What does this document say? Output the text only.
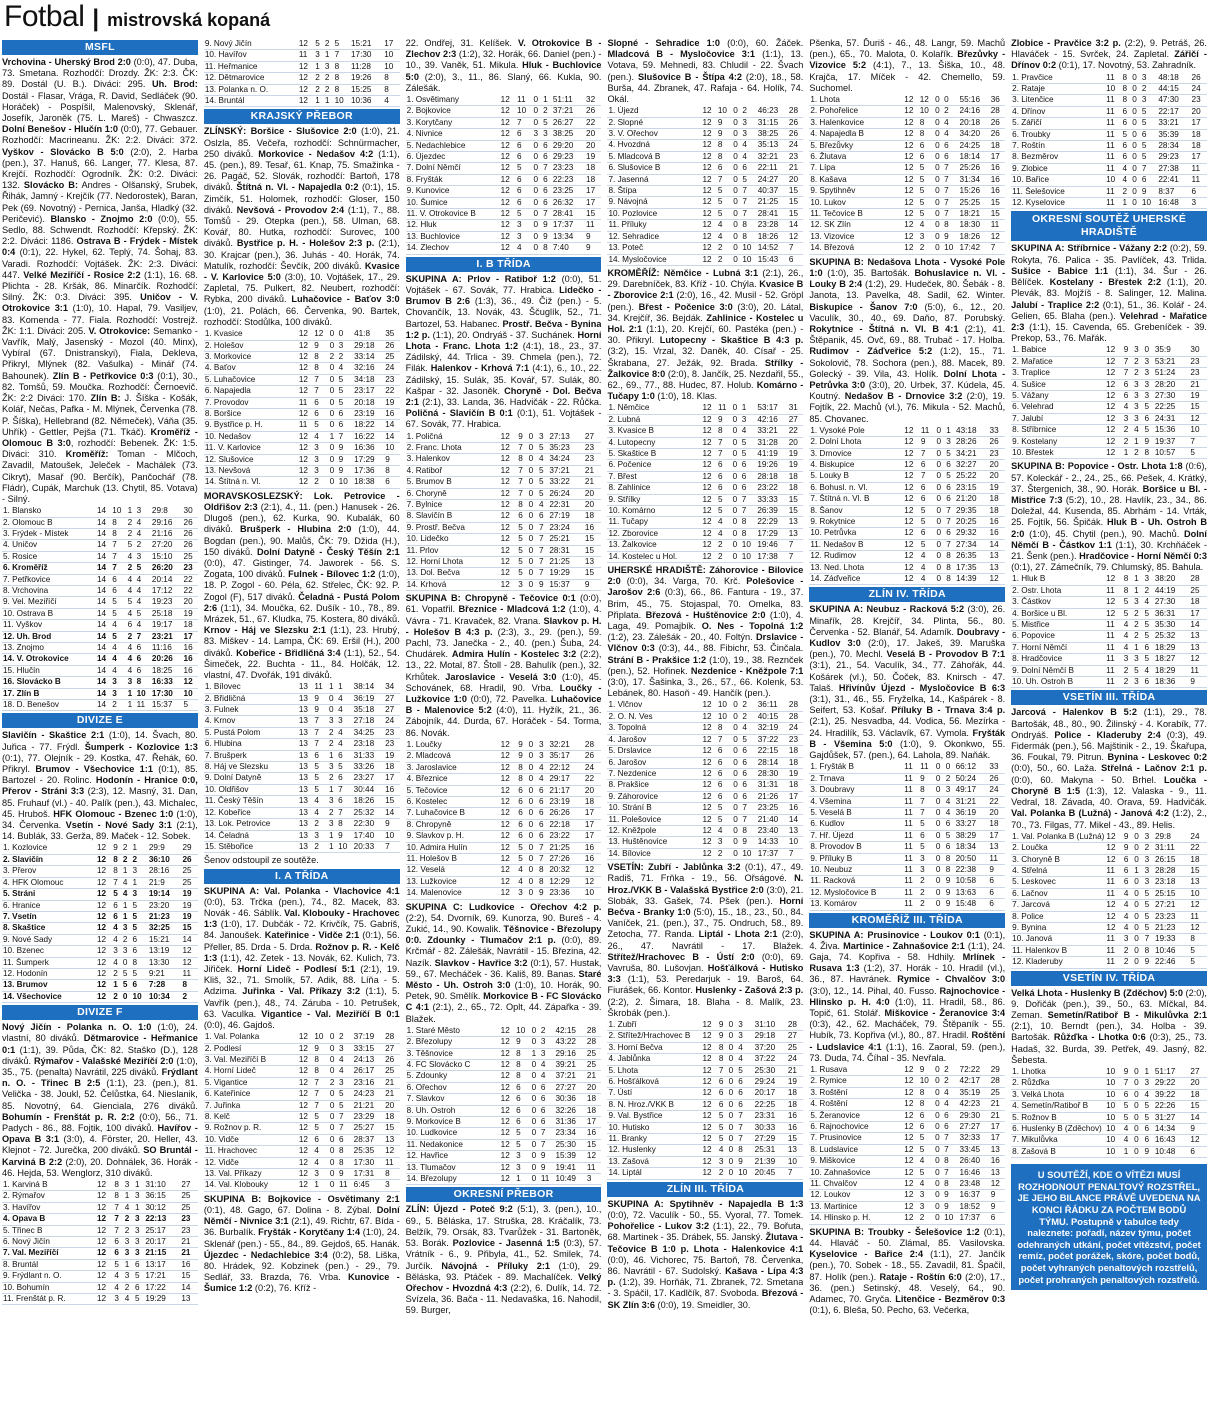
Fotbal | mistrovská kopaná
MSFL
Vrchovina - Uherský Brod 2:0 (0:0), 47. Duba, 73. Smetana. Rozhodčí: Drozdy. ŽK: 2:3. ČK: 89. Dostál (U. B.). Diváci: 295. Uh. Brod: Dostál - Flasar, Vrága, R. David, Sedláček (90. Horáček) - Pospíšil, Malenovský, Sklenář, Josefík, Jaroněk (75. L. Mareš) - Chwaszcz. Dolní Benešov - Hlučín 1:0 (0:0), 77. Gebauer. Rozhodčí: Macrineanu. ŽK: 2:2. Diváci: 372. Vyškov - Slovácko B 5:0 (2:0), 2. Harba (pen.), 37. Hanuš, 66. Langer, 77. Klesa, 87. Krejčí. Rozhodčí: Ogrodník. ŽK: 0:2. Diváci: 132. Slovácko B: Andres - Olšanský, Srubek, Řihák, Jamný - Krejčík (77. Nedorostek), Baran, Pek (69. Novotný) - Pernica, Janša, Hladký (32. Peričević). Blansko - Znojmo 2:0 (0:0), 55. Sedlo, 88. Schwendt. Rozhodčí: Křepský. ŽK: 2:2. Diváci: 1186. Ostrava B - Frýdek - Místek 0:4 (0:1), 22. Hykel, 62. Teplý, 74. Šohaj, 83. Varadi. Rozhodčí: Vojtášek. ŽK: 2:3. Diváci: 447. Velké Meziříčí - Rosice 2:2 (1:1), 16. 68. Plichta - 28. Kršák, 86. Minarčík. Rozhodčí: Silný. ŽK: 0:3. Diváci: 395. Uničov - V. Otrokovice 3:1 (1:0), 10. Hapal, 79. Vasiljev, 83. Komenda - 77. Fiala. Rozhodčí: Vostrejž. ŽK: 1:1. Diváci: 205. V. Otrokovice: Semanko - Vavřík, Malý, Jasenský - Mozol (40. Minx), Vybíral (67. Dnistranskyi), Fiala, Dekleva, Přikryl, Mlýnek (82. Vašulka) - Minář (74. Bahounek). Zlín B - Petřkovice 0:3 (0:1), 30., 82. Tomšů, 59. Moučka. Rozhodčí: Černoevič. ŽK: 2:2 Diváci: 170. Zlín B: J. Šíška - Košák, Kolář, Nečas, Pafka - M. Mlýnek, Červenka (78. P. Šíška), Hellebrand (82. Němeček), Váňa (35. Uhřík) - Gettler, Pejša (71. Tkáč). Kroměříž - Olomouc B 3:0, rozhodčí: Bebenek. ŽK: 1:5. Diváci: 310. Kroměříž: Toman - Mlčoch, Zavadil, Matoušek, Jeleček - Machálek (73. Cikryt), Masař (90. Berčík), Pančochář (78. Fládr), Cupák, Marchuk (13. Chytil, 85. Votava) - Silný.
1. Blansko	14	10	1	3	29:8	30
2. Olomouc B	14	8	2	4	29:16	26
3. Frýdek - Místek	14	8	2	4	21:16	26
4. Uničov	14	7	5	2	27:20	26
5. Rosice	14	7	4	3	15:10	25
6. Kroměříž	14	7	2	5	26:20	23
7. Petřkovice	14	6	4	4	20:14	22
8. Vrchovina	14	6	4	4	17:12	22
9. Vel. Meziříčí	14	5	5	4	19:23	20
10. Ostrava B	14	5	4	5	25:18	19
11. Vyškov	14	4	6	4	19:17	18
12. Uh. Brod	14	5	2	7	23:21	17
13. Znojmo	14	4	4	6	11:16	16
14. V. Otrokovice	14	4	4	6	20:26	16
15. Hlučín	14	4	4	6	18:25	16
16. Slovácko B	14	3	3	8	16:33	12
17. Zlín B	14	3	1	10	17:30	10
18. D. Benešov	14	2	1	11	15:37	5
DIVIZE E
Slavičín - Skaštice 2:1 (1:0), 14. Švach, 80. Juřica - 77. Frýdl. Šumperk - Kozlovice 1:3 (0:1), 77. Olejník - 29. Kostka, 47. Řehák, 60. Přikryl. Brumov - Všechovice 1:1 (0:1), 85. Bartozel - 20. Rolinc. Hodonín - Hranice 0:0, Přerov - Stráni 3:3 (2:3), 12. Masný, 31. Dan, 85. Fruhauf (vl.) - 40. Palík (pen.), 43. Michalec, 45. Hruboš. HFK Olomouc - Bzenec 1:0 (1:0), 34. Červenka. Vsetín - Nové Sady 3:1 (2:1), 14. Bublák, 33. Gerža, 89. Maček - 12. Sobek.
1. Kozlovice	12	9	2	1	29:9	29
2. Slavičín	12	8	2	2	36:10	26
3. Přerov	12	8	1	3	28:16	25
4. HFK Olomouc	12	7	4	1	21:9	25
5. Stráni	12	5	4	3	19:14	19
6. Hranice	12	6	1	5	23:20	19
7. Vsetín	12	6	1	5	21:23	19
8. Skaštice	12	4	3	5	32:25	15
9. Nové Sady	12	4	2	6	15:21	14
10. Bzenec	12	3	3	6	13:19	12
11. Šumperk	12	4	0	8	13:30	12
12. Hodonín	12	2	5	5	9:21	11
13. Brumov	12	1	5	6	7:28	8
14. Všechovice	12	2	0	10	10:34	2
DIVIZE F
Nový Jičín - Polanka n. O. 1:0 (1:0), 24. vlastní, 80 diváků. Dětmarovice - Heřmanice 0:1 (1:1), 39. Půda, ČK: 82. Staško (D.), 128 diváků. Rýmařov - Valašské Meziříčí 2:0 (1:0), 35., 75. (penalta) Navrátil, 225 diváků. Frýdlant n. O. - Třinec B 2:5 (1:1), 23. (pen.), 81. Velička - 38. Joukl, 52. Čelůstka, 64. Nieslanik, 85. Novotný, 64. Gienciala, 276 diváků. Bohumín - Frenštát p. R. 2:2 (0:0), 56., 71. Padych - 86., 88. Fojtik, 100 diváků. Havířov - Opava B 3:1 (3:0), 4. Förster, 20. Heller, 43. Klejnot - 72. Jurečka, 200 diváků. SO Bruntál - Karviná B 2:2 (2:0), 20. Dohnálek, 36. Horák - 46. Hejda, 53. Wenglorz, 310 diváků.
1. Karviná B	12	8	3	1	31:10	27
2. Rýmařov	12	8	1	3	36:15	25
3. Havířov	12	7	4	1	30:12	25
4. Opava B	12	7	2	3	22:13	23
5. Třinec B	12	7	2	3	25:17	23
6. Nový Jičín	12	6	3	3	20:17	21
7. Val. Meziříčí	12	6	3	3	21:15	21
8. Bruntál	12	5	1	6	13:17	16
9. Frýdlant n. O.	12	4	3	5	17:21	15
10. Bohumín	12	4	2	6	17:22	14
11. Frenštát p. R.	12	3	4	5	19:29	13
9. Nový Jičín	12	5	2	5	15:21	17
10. Havířov	11	3	1	7	17:30	10
11. Heřmanice	12	1	3	8	11:28	10
12. Dětmarovice	12	2	2	8	19:26	8
13. Polanka n. O.	12	2	2	8	15:25	8
14. Bruntál	12	1	1	10	10:36	4
KRAJSKÝ PŘEBOR
ZLÍNSKÝ: Boršice - Slušovice 2:0 (1:0), 21. Oslzla, 85. Večeřa, rozhodčí: Schnürmacher, 250 diváků. Morkovice - Nedašov 4:2 (1:1), 45. (pen.), 89. Tesař, 61. Knap, 75. Smažinka - 26. Pagáč, 52. Slovák, rozhodčí: Bartoň, 178 diváků. Štítná n. Vl. - Napajedla 0:2 (0:1), 15. Zimčík, 51. Holomek, rozhodčí: Gloser, 150 diváků. Nevšová - Provodov 2:4 (1:1), 7., 88. Tomšů - 29. Otepka (pen.), 58. Ulman, 68. Kovář, 80. Hutka, rozhodčí: Surovec, 100 diváků. Bystřice p. H. - Holešov 2:3 p. (2:1), 30. Krajcar (pen.), 36. Juhás - 40. Horák, 74. Matulík, rozhodčí: Ševčík, 200 diváků. Kvasice - V. Karlovice 5:0 (3:0), 10. Vojtášek, 17., 29. Zapletal, 75. Pulkert, 82. Neubert, rozhodčí: Rybka, 200 diváků. Luhačovice - Baťov 3:0 (1:0), 21. Polách, 66. Červenka, 90. Bartek, rozhodčí: Stodůlka, 100 diváků.
1. Kvasice	12	12	0	0	41:8	35
2. Holešov	12	9	0	3	29:18	26
3. Morkovice	12	8	2	2	33:14	25
4. Baťov	12	8	0	4	32:16	24
5. Luhačovice	12	7	0	5	34:18	23
6. Napajedla	12	7	0	5	23:17	22
7. Provodov	11	6	0	5	20:18	19
8. Boršice	12	6	0	6	23:19	16
9. Bystřice p. H.	11	5	0	6	18:22	14
10. Nedašov	12	4	1	7	16:22	14
11. V. Karlovice	12	3	0	9	16:36	10
12. Slušovice	12	3	0	9	17:29	9
13. Nevšová	12	3	0	9	17:36	8
14. Štítná n. Vl.	12	2	0	10	18:38	6
MORAVSKOSLEZSKÝ: Lok. Petrovice - Oldřišov 2:3 (2:1), 4., 11. (pen.) Hanusek - 26. Dlugoš (pen.), 62. Kurka, 90. Kubalák, 60 diváků. Brušperk - Hlubina 2:0 (1:0), 44. Bogdan (pen.), 90. Malůš, ČK: 79. Džida (H.), 150 diváků. Dolní Datyně - Český Těšín 2:1 (0:0), 47. Gistinger, 74. Jaworek - 56. S. Zogata, 100 diváků. Fulnek - Bílovec 1:2 (1:0), 18. P. Zogol - 60. Péla, 62. Střelec, ČK: 92. P. Zogol (F), 517 diváků. Čeladná - Pustá Polom 2:6 (1:1), 34. Moučka, 62. Dušík - 10., 78., 89. Mrázek, 51., 67. Kludka, 75. Kostera, 80 diváků. Krnov - Háj ve Slezsku 2:1 (1:1), 23. Hrubý, 83. Miškev - 14. Lampa, ČK: 69. Eršil (H.), 200 diváků. Kobeřice - Břidličná 3:4 (1:1), 52., 54. Šimeček, 22. Buchta - 11., 84. Holčák, 12. vlastní, 47. Dvořák, 191 diváků.
1. Bílovec	13	11	1	1	38:14	34
2. Břidličná	13	9	0	4	36:19	27
3. Fulnek	13	9	0	4	35:18	27
4. Krnov	13	7	3	3	27:18	24
5. Pustá Polom	13	7	2	4	34:25	23
6. Hlubina	13	7	2	4	23:18	23
7. Brušperk	13	6	1	6	31:33	19
8. Háj ve Slezsku	13	5	3	5	33:26	18
9. Dolní Datyně	13	5	2	6	23:27	17
10. Oldřišov	13	5	1	7	30:44	16
11. Český Těšín	13	4	3	6	18:26	15
12. Kobeřice	13	4	2	7	25:32	14
13. Lok. Petrovice	13	2	3	8	22:30	9
14. Čeladná	13	3	1	9	17:40	10
15. Stěbořice	13	2	1	10	20:33	7
Šenov odstoupil ze soutěže.
I. A TŘÍDA
SKUPINA A: Val. Polanka - Vlachovice 4:1 (0:0), 53. Trčka (pen.), 74., 82. Macek, 83. Novák - 46. Sáblík. Val. Klobouky - Hrachovec 1:3 (1:0), 17. Dubčák - 72. Krivčík, 75. Gabriš, 84. Janoušek. Kateřinice - Vidče 2:1 (0:1), 56. Přeller, 85. Drda - 5. Drda. Rožnov p. R. - Kelč 1:3 (1:1), 42. Zetek - 13. Novák, 62. Kulich, 73. Jiřiček. Horní Lideč - Podlesí 5:1 (2:1), 19. Kliš, 32., 71. Smolík, 57. Adik, 88. Líňa - 5. Adzima. Juřinka - Val. Příkazy 3:2 (1:1), 5. Vavřík (pen.), 48., 74. Záruba - 10. Petrušek, 63. Vaculka. Vigantice - Val. Meziříčí B 0:1 (0:0), 46. Gajdoš.
1. Val. Polanka	12	10	0	2	37:19	28
2. Podlesí	12	9	0	3	33:15	27
3. Val. Meziříčí B	12	8	0	4	24:13	26
4. Horní Lideč	12	8	0	4	26:17	25
5. Vigantice	12	7	2	3	23:16	21
6. Kateřinice	12	7	0	5	24:23	21
7. Juřinka	12	7	0	5	21:21	20
8. Kelč	12	5	0	7	23:29	18
9. Rožnov p. R.	12	5	0	7	25:27	15
10. Vidče	12	6	0	6	28:37	13
11. Hrachovec	12	4	0	8	25:35	12
12. Vidče	12	4	0	8	17:30	11
13. Val. Příkazy	12	3	0	9	17:31	8
14. Val. Klobouky	12	1	0	11	6:45	3
SKUPINA B: Bojkovice - Osvětimany 2:1 (0:1), 48. Gago, 67. Dolina - 8. Zýbal. Dolní Němčí - Nivnice 3:1 (2:1), 49. Richtr, 67. Bída - 36. Burbalík. Fryšták - Korytčany 1:4 (1:0), 24. Sklenář (pen.) - 55., 84., 89. Gejdoš, 65. Hanák. Újezdec - Nedachlebice 3:4 (0:2), 58. Liška, 80. Hrádek, 92. Kobzinek (pen.) - 29., 79. Sedlář, 33. Brazda, 76. Vrba. Kunovice - Šumice 1:2 (0:2), 76. Kříž -
22. Ondřej, 31. Kelíšek. V. Otrokovice B - Zlechov 2:3 (1:2), 32. Horák, 66. Daniel (pen.) - 10., 39. Vaněk, 51. Mikula. Hluk - Buchlovice 5:0 (2:0), 3., 11., 86. Slaný, 66. Kukla, 90. Zálešák.
1. Osvětimany	12	11	0	1	51:11	32
2. Bojkovice	12	10	0	2	37:21	26
3. Korytčany	12	7	0	5	26:27	22
4. Nivnice	12	6	3	3	38:25	20
5. Nedachlebice	12	6	0	6	29:20	20
6. Újezdec	12	6	0	6	29:23	19
7. Dolní Němčí	12	5	0	7	23:23	18
8. Fryšták	12	6	0	6	22:23	18
9. Kunovice	12	6	0	6	23:25	17
10. Šumice	12	6	0	6	26:32	17
11. V. Otrokovice B	12	5	0	7	28:41	15
12. Hluk	12	3	0	9	17:37	11
13. Buchlovice	12	3	0	9	13:34	9
14. Zlechov	12	4	0	8	7:40	9
I. B TŘÍDA
SKUPINA A: Prlov - Ratiboř 1:2 (0:0), 51. Vojtášek - 67. Sovák, 77. Hrabica. Lidečko - Brumov B 2:6 (1:3), 36., 49. Čiž (pen.) - 5. Chovančík, 13. Novák, 43. Ščuglík, 52., 71. Bartozel, 53. Habanec. Prostř. Bečva - Bynina 1:2 p. (1:1), 20. Ondryáš - 37. Suchánek. Horní Lhota - Franc. Lhota 1:2 (4:1), 18., 23., 37. Zádilský, 44. Trlica - 39. Chmela (pen.), 72. Filák. Halenkov - Krhová 7:1 (4:1), 6., 10., 22. Zádilský, 15. Sulák, 35. Kovář, 57. Sulák, 80. Kašpar - 32. Jasoněk. Choryně - Dol. Bečva 2:1 (2:1), 33. Landa, 36. Hadvičák - 22. Růčka. Poličná - Slavičín B 0:1 (0:1), 51. Vojtášek - 67. Sovák, 77. Hrabica.
1. Poličná	12	9	0	3	27:13	27
2. Franc. Lhota	12	7	0	5	35:23	23
3. Halenkov	12	8	0	4	34:24	23
4. Ratiboř	12	7	0	5	37:21	21
5. Brumov B	12	7	0	5	33:22	21
6. Choryně	12	7	0	5	26:24	20
7. Bylnice	12	8	0	4	22:31	20
8. Slavičín B	12	6	0	6	27:19	18
9. Prostř. Bečva	12	5	0	7	23:24	16
10. Lidečko	12	5	0	7	25:21	15
11. Prlov	12	5	0	7	28:31	15
12. Horní Lhota	12	5	0	7	21:25	13
13. Dol. Bečva	12	5	0	7	19:29	15
14. Krhová	12	3	0	9	15:37	9
SKUPINA B: Chropyně - Tečovice 0:1 (0:0), 61. Vopatřil. Březnice - Mladcová 1:2 (1:0), 4. Vávra - 71. Kravaček, 82. Vrana. Slavkov p. H. - Holešov B 4:3 p. (2:3), 3., 29. (pen.), 59. Pachl, 73. Janečka - 2., 40. (pen.) Šuba, 24. Chudárek. Admira Hulín - Kostelec 3:2 (2:2), 13., 22. Motal, 87. Štoll - 28. Bahulík (pen.), 32. Krhůtek. Jaroslavice - Veselá 3:0 (1:0), 45. Schovánek, 68. Hradil, 90. Vrba. Loučky - Lužkovice 1:0 (0:0), 72. Pavelka. Luhačovice B - Malenovice 5:2 (4:0), 11. Hyžík, 21., 36. Zábojník, 44. Durda, 67. Horáček - 54. Torma, 86. Novák.
1. Loučky	12	9	0	3	32:21	28
2. Mladcová	12	9	0	3	35:17	26
3. Jaroslavice	12	8	0	4	22:12	24
4. Březnice	12	8	0	4	29:17	22
5. Tečovice	12	6	0	6	21:17	20
6. Kostelec	12	6	0	6	23:19	18
7. Luhačovice B	12	6	0	6	26:26	17
8. Chropyně	12	6	0	6	22:18	17
9. Slavkov p. H.	12	6	0	6	23:22	17
10. Admira Hulín	12	5	0	7	21:25	16
11. Holešov B	12	5	0	7	27:26	16
12. Veselá	12	4	0	8	20:32	12
13. Lužkovice	12	4	0	8	12:29	12
14. Malenovice	12	3	0	9	23:36	10
SKUPINA C: Ludkovice - Ořechov 4:2 p. (2:2), 54. Dvorník, 69. Kunorza, 90. Bureš - 4. Zukić, 14., 90. Kowalik. Těšnovice - Březolupy 0:0. Zdounky - Tlumačov 2:1 p. (0:0), 89. Krčmář - 82. Zálešák, Navrátil - 15. Březina, 42. Nazík. Slavkov - Havřice 3:2 (0:1), 57. Hustak, 59., 67. Mecháček - 36. Kališ, 89. Banas. Staré Město - Uh. Ostroh 3:0 (1:0), 10. Horák, 90. Petek, 90. Smělík. Morkovice B - FC Slovácko C 4:1 (2:1), 2., 65., 72. Oplt, 44. Zápařka - 39. Blažek.
1. Staré Město	12	10	0	2	42:15	28
2. Březolupy	12	9	0	3	43:22	28
3. Těšnovice	12	8	1	3	29:16	25
4. FC Slovácko C	12	8	0	4	39:21	25
5. Zdounky	12	8	0	4	37:21	21
6. Ořechov	12	6	0	6	27:27	20
7. Slavkov	12	6	0	6	30:36	18
8. Uh. Ostroh	12	6	0	6	32:26	18
9. Morkovice B	12	6	0	6	31:36	17
10. Ludkovice	12	5	0	7	23:34	16
11. Nedakonice	12	5	0	7	25:30	15
12. Havřice	12	3	0	9	15:39	12
13. Tlumačov	12	3	0	9	19:41	11
14. Březolupy	12	1	0	11	10:49	3
OKRESNÍ PŘEBOR
ZLÍN: Újezd - Poteč 9:2 (5:1), 3. (pen.), 10., 69., 5. Běláska, 17. Struška, 28. Kráčalík, 73. Belžík, 79. Orsák, 83. Tvarůžek - 31. Bartoněk, 53. Borák. Pozlovice - Jasenná 1:5 (0:3), 57. Vrátník - 6., 9. Přibyla, 41., 52. Smilek, 74. Jurčík. Návojná - Příluky 2:1 (1:0), 29. Běláska, 93. Ptáček - 89. Machalíček. Velký Ořechov - Hvozdná 4:3 (2:2), 6. Dulík, 14. 72. Svízela, 36. Bača - 11. Nedavaška, 16. Nahodil, 59. Burger,
Slopné - Sehradice 1:0 (0:0), 60. Žáček. Mladcová B - Mysločovice 3:1 (1:1), 13. Votava, 59. Mehnedi, 83. Chludil - 22. Švach (pen.). Slušovice B - Štípa 4:2 (2:0), 18., 58. Burša, 44. Zbranek, 47. Rafaja - 64. Holík, 74. Okál.
1. Újezd	12	10	0	2	46:23	28
2. Slopné	12	9	0	3	31:15	26
3. V. Ořechov	12	9	0	3	38:25	26
4. Hvozdná	12	8	0	4	35:13	24
5. Mladcová B	12	8	0	4	32:21	23
6. Slušovice B	12	6	0	6	22:11	21
7. Jasenná	12	7	0	5	24:27	20
8. Štípa	12	5	0	7	40:37	15
9. Návojná	12	5	0	7	21:25	15
10. Pozlovice	12	5	0	7	28:41	15
11. Příluky	12	4	0	8	23:28	14
12. Sehradice	12	4	0	8	18:26	12
13. Poteč	12	2	0	10	14:52	7
14. Mysločovice	12	2	0	10	15:43	6
KROMĚŘÍŽ: Němčice - Lubná 3:1 (2:1), 26., 29. Darebníček, 83. Kříž - 10. Chýla. Kvasice B - Zborovice 2:1 (2:0), 16., 42. Musil - 52. Gröpl (pen.). Břest - Počenice 3:0 (3:0), 20. Látal, 34. Krejčíř, 36. Bejdák. Zahlinice - Kostelec u Hol. 2:1 (1:1), 20. Krejčí, 60. Pastéka (pen.) - 30. Přikryl. Lutopecny - Skaštice B 4:3 p. (3:2), 15. Vrzal, 32. Daněk, 40. Císař - 25. Škrabana, 27. Ježák, 92. Brada. Střílky - Žalkovice 8:0 (2:0), 8. Jančík, 25. Nezdařil, 55., 62., 69., 77., 88. Hudec, 87. Holub. Komárno - Tučapy 1:0 (1:0), 18. Klas.
1. Němčice	12	11	0	1	53:17	31
2. Lubná	12	9	0	3	42:16	27
3. Kvasice B	12	8	0	4	33:21	22
4. Lutopecny	12	7	0	5	31:28	20
5. Skaštice B	12	7	0	5	41:19	19
6. Počenice	12	6	0	6	19:26	19
7. Břest	12	6	0	6	28:18	18
8. Zahlinice	12	6	0	6	23:22	18
9. Střílky	12	5	0	7	33:33	15
10. Komárno	12	5	0	7	26:39	15
11. Tučapy	12	4	0	8	22:29	13
12. Zborovice	12	4	0	8	17:29	13
13. Žalkovice	12	2	0	10	19:46	7
14. Kostelec u Hol.	12	2	0	10	17:38	7
UHERSKÉ HRADIŠTĚ: Záhorovice - Bilovice 2:0 (0:0), 34. Varga, 70. Krč. Polešovice - Jarošov 2:6 (0:3), 66., 86. Fantura - 19., 37. Brim, 45., 75. Stojaspal, 70. Omelka, 83. Připlata. Březová - Huštěnovice 2:0 (1:0), 4. Laga, 49. Pomajbík. O. Nes - Topolná 1:2 (1:2), 23. Zálešák - 20., 40. Foltýn. Drslavice - Vlčnov 0:3 (0:3), 44., 88. Fibichr, 53. Činčala. Strání B - Prakšice 1:2 (1:0), 19., 38. Reznček (pen.), 52. Hořinek. Nezdenice - Kněžpole 7:1 (3:0), 17. Šašinka, 3., 26., 57., 66. Kolenk, 53. Lebánek, 80. Hasoň - 49. Hančík (pen.).
1. Vlčnov	12	10	0	2	36:11	28
2. O. N. Ves	12	10	0	2	40:15	28
3. Topolná	12	8	0	4	32:19	24
4. Jarošov	12	7	0	5	37:22	23
5. Drslavice	12	6	0	6	22:15	18
6. Jarošov	12	6	0	6	28:14	18
7. Nezdenice	12	6	0	6	28:30	19
8. Prakšice	12	6	0	6	31:31	18
9. Záhorovice	12	6	0	6	21:26	17
10. Strání B	12	5	0	7	23:25	16
11. Polešovice	12	5	0	7	21:40	14
12. Kněžpole	12	4	0	8	23:40	13
13. Huštěnovice	12	3	0	9	14:33	10
14. Bílovice	12	2	0	10	17:37	7
VSETÍN: Zubří - Jablůnka 3:2 (0:1), 47., 49. Radiš, 71. Frňka - 19., 56. Ořságové. N. Hroz./VKK B - Valašská Bystřice 2:0 (3:0), 21. Slobák, 33. Gašek, 74. Pšek (pen.). Horní Bečva - Branky 1:0 (5:0), 15., 18., 23., 50., 84. Vaníček, 21. (pen.), 37., 75. Ondruch, 58., 89. Zetocha, 77. Randa. Liptál - Lhota 2:1 (2:0), 26., 47. Navrátil - 17. Blažek. Střítež/Hrachovec B - Ústí 2:0 (0:0), 69. Vavruša, 80. Lušovjan. Hošťálková - Hutisko 3:3 (1:1), 53. Peredarjuk - 19. Baroš, 64. Fiurášek, 66. Kontor. Huslenky - Zašová 2:3 p. (2:2), 2. Šimara, 18. Blaha - 8. Malík, 23. Škrobák (pen.).
1. Zubří	12	9	0	3	31:10	28
2. Střítež/Hrachovec B	12	9	0	3	29:18	27
3. Horní Bečva	12	8	0	4	37:20	25
4. Jablůnka	12	8	0	4	37:22	24
5. Lhota	12	7	0	5	25:30	21
6. Hošťálková	12	6	0	6	29:24	19
7. Ústí	12	6	0	6	20:17	18
8. N. Hroz./VKK B	12	6	0	6	22:25	18
9. Val. Bystřice	12	5	0	7	23:31	16
10. Hutisko	12	5	0	7	30:33	16
11. Branky	12	5	0	7	27:29	15
12. Huslenky	12	4	0	8	25:31	13
13. Zašová	12	3	0	9	21:39	10
14. Liptál	12	2	0	10	20:45	7
ZLÍN III. TŘÍDA
SKUPINA A: Spytihněv - Napajedla B 1:3 (0:0), 72. Vaculík - 50., 55. Vyoral, 77. Tomek. Pohořelice - Lukov 3:2 (1:1), 22., 79. Bořuta, 68. Martinek - 35. Drábek, 55. Janský. Žlutava - Tečovice B 1:0 p. Lhota - Halenkovice 4:1 (0:0), 46. Vichorec, 75. Bartoň, 78. Červenka, 86. Navrátil - 67. Sudolský. Kašava - Lípa 4:3 p. (1:2), 39. Horňák, 71. Zbranek, 72. Smetana - 3. Spáčil, 17. Kadlčík, 87. Svoboda. Březová - SK Zlín 3:6 (0:0), 19. Smeidler, 30.
Pšenka, 57. Ďuriš - 46., 48. Langr, 59. Machů (pen.), 65., 70. Malota, 0. Kolařík. Březůvky - Vizovice 5:2 (4:1), 7., 13. Šiška, 10., 48. Krajča, 17. Míček - 42. Chemello, 59. Suchomel.
1. Lhota	12	12	0	0	55:16	36
2. Pohořelice	12	10	0	2	24:16	28
3. Halenkovice	12	8	0	4	20:18	26
4. Napajedla B	12	8	0	4	34:20	26
5. Březůvky	12	6	0	6	24:25	18
6. Žlutava	12	6	0	6	18:14	17
7. Lípa	12	5	0	7	25:26	16
8. Kašava	12	5	0	7	31:34	16
9. Spytihněv	12	5	0	7	15:26	16
10. Lukov	12	5	0	7	25:25	15
11. Tečovice B	12	5	0	7	18:21	15
12. SK Zlín	12	4	0	8	18:30	11
13. Vizovice	12	3	0	9	18:26	12
14. Březová	12	2	0	10	17:42	7
SKUPINA B: Nedašova Lhota - Vysoké Pole 1:0 (1:0), 35. Bartošák. Bohuslavice n. Vl. - Louky B 2:4 (1:2), 29. Hudeček, 80. Šebák - 8. Janota, 13. Pavelka, 48. Sadil, 62. Winter. Biskupice - Šanov 7:0 (5:0), 6., 12., 20. Vaculík, 30., 40., 69. Daňo, 87. Porubský. Rokytnice - Štítná n. Vl. B 4:1 (2:1), 41. Štěpanik, 45. Ovč, 69., 88. Trubač - 17. Holba. Rudimov - Záďveřice 5:2 (1:2), 15., 71. Sokolovič, 78. Sochora (pen.), 88. Macek, 89. Golecký - 39. Vila, 43. Holík. Dolní Lhota - Petrůvka 3:0 (3:0), 20. Urbek, 37. Kúdela, 45. Koutný. Nedašov B - Drnovice 3:2 (2:0), 19. Fojtík, 22. Machů (vl.), 76. Mikula - 52. Machů, 85. Chovanec.
1. Vysoké Pole	12	11	0	1	43:18	33
2. Dolní Lhota	12	9	0	3	28:26	26
3. Drnovice	12	7	0	5	34:21	23
4. Biskupice	12	6	0	6	32:27	20
5. Louky B	12	7	0	5	25:22	20
6. Bohusl. n. Vl.	12	6	0	6	23:15	19
7. Štítná n. Vl. B	12	6	0	6	21:20	18
8. Šanov	12	5	0	7	29:35	18
9. Rokytnice	12	5	0	7	20:25	16
10. Petrůvka	12	6	0	6	29:32	16
11. Nedašov B	12	5	0	7	27:34	14
12. Rudimov	12	4	0	8	26:35	13
13. Ned. Lhota	12	4	0	8	17:35	13
14. Záďveřice	12	4	0	8	14:39	12
ZLÍN IV. TŘÍDA
SKUPINA A: Neubuz - Racková 5:2 (3:0), 26. Minařík, 28. Krejčíř, 34. Plinta, 56., 80. Červenka - 52. Blanář, 54. Adamík. Doubravy - Kudlov 3:0 (2:0), 17. Jakeš, 39. Maruška (pen.), 70. Mechl. Veselá B - Provodov B 7:1 (3:1), 21., 54. Vaculík, 34., 77. Záhořák, 44. Košárek (vl.), 50. Čoček, 83. Knirsch - 47. Talaš. Hřivínův Újezd - Mysločovice B 6:3 (3:1), 31., 46., 55. Fryželka, 14., Kašpárek - 8. Seifert, 53. Košař. Příluky B - Trnava 3:4 p. (2:1), 25. Nesvadba, 44. Vodica, 56. Mezírka - 24. Hradilík, 53. Václavík, 67. Vymola. Fryšták B - Všemina 5:0 (1:0), 9. Okonkwo, 55. Gajdůšek, 57. (pen.), 64. Lahola, 89. Naňák.
1. Fryšták B	11	11	0	0	66:12	33
2. Trnava	11	9	0	2	50:24	26
3. Doubravy	11	8	0	3	49:17	24
4. Všemina	11	7	0	4	31:21	22
5. Veselá B	11	7	0	4	36:19	20
6. Kudlov	11	5	0	6	33:27	18
7. Hř. Újezd	11	6	0	5	38:29	17
8. Provodov B	11	5	0	6	18:34	13
9. Příluky B	11	3	0	8	20:50	11
10. Neubuz	11	3	0	8	22:38	9
11. Racková	11	2	0	9	10:58	6
12. Mysločovice B	11	2	0	9	13:63	6
13. Komárov	11	2	0	9	15:48	6
KROMĚŘÍŽ III. TŘÍDA
SKUPINA A: Prusinovice - Loukov 0:1 (0:1), 4. Živa. Martinice - Zahnašovice 2:1 (1:1), 24. Gaja, 74. Kopřiva - 58. Hdhily. Mrlínek - Rusava 1:3 (1:2), 37. Horák - 10. Hradil (vl.), 36., 87. Havránek. Rymice - Chvalčov 3:0 (3:0), 12., 14. Pihal, 40. Fusso. Rajnochovice - Hlinsko p. H. 4:0 (1:0), 11. Hradil, 58., 86. Topič, 61. Stolář. Miškovice - Žeranovice 3:4 (0:3), 42., 62. Macháček, 79. Štěpaník - 55. Hubík, 73. Kopřiva (vl.), 80., 87. Hradil. Roštění - Ludslavice 4:1 (1:1), 16. Zaoral, 59. (pen.), 73. Duda, 74. Číhal - 35. Nevřala.
1. Rusava	12	9	0	2	72:22	29
2. Rymice	12	10	0	2	42:17	28
3. Roštění	12	8	0	4	35:19	25
4. Roštění	12	8	0	4	42:23	21
5. Žeranovice	12	6	0	6	29:30	21
6. Rajnochovice	12	6	0	6	27:27	17
7. Prusinovice	12	5	0	7	32:33	17
8. Ludslavice	12	5	0	7	33:45	13
9. Miškovice	12	4	0	8	26:40	16
10. Zahnašovice	12	5	0	7	16:46	13
11. Chvalčov	12	4	0	8	23:48	12
12. Loukov	12	3	0	9	16:37	9
13. Martinice	12	3	0	9	18:52	9
14. Hlinsko p. H.	12	2	0	10	17:37	6
SKUPINA B: Troubky - Šelešovice 1:2 (0:1), 44. Hlaváč - 50. Zlámal, 85. Vasilovska. Kyselovice - Bařice 2:4 (1:1), 27. Jančík (pen.), 70. Sobek - 18., 55. Zavadil, 81. Špačil, 87. Holík (pen.). Rataje - Roštín 6:0 (2:0), 17., 36. (pen.) Setinský, 48. Veselý, 64., 90. Adamec, 70. Gryča. Litenčice - Bezměrov 0:3 (0:1), 6. Bleša, 50. Pecho, 63. Večerka,
Zlobice - Pravčice 3:2 p. (2:2), 9. Petráš, 26. Hlaváček - 15. Svrček, 24. Zapletal. Zářičí - Dřínov 0:2 (0:1), 17. Novotný, 53. Zahradník.
1. Pravčice	11	8	0	3	48:18	26
2. Rataje	10	8	0	2	44:15	24
3. Litenčice	11	8	0	3	47:30	23
4. Dřínov	11	6	0	5	22:17	20
5. Zářičí	11	6	0	5	33:21	17
6. Troubky	11	5	0	6	35:39	18
7. Roštín	11	6	0	5	28:34	18
8. Bezměrov	11	6	0	5	29:23	17
9. Zlobice	11	4	0	7	27:38	11
10. Bařice	10	4	0	6	22:41	11
11. Šelešovice	11	2	0	9	8:37	6
12. Kyselovice	11	1	0	10	16:48	3
OKRESNÍ SOUTĚŽ UHERSKÉ HRADIŠTĚ
SKUPINA A: Stříbrnice - Vážany 2:2 (0:2), 59. Rokyta, 76. Palica - 35. Pavlíček, 43. Trlida. Sušice - Babice 1:1 (1:1), 34. Šur - 26. Bělíček. Kostelany - Břestek 2:2 (1:1), 20. Plevák, 83. Mojžíš - 8. Salinger, 12. Malina. Jalubí - Traplice 2:2 (0:1), 51., 36. Kolář - 24. Gelien, 65. Blaha (pen.). Velehrad - Mařatice 2:3 (1:1), 15. Cavenda, 65. Grebeníček - 39. Prekop, 53., 76. Mařák.
1. Babice	12	9	3	0	35:9	30
2. Mařatice	12	7	2	3	53:21	23
3. Traplice	12	7	2	3	51:24	23
4. Sušice	12	6	3	3	28:20	21
5. Vážany	12	6	3	3	27:30	19
6. Velehrad	12	4	3	5	22:25	15
7. Jalubí	12	3	3	6	24:31	12
8. Stříbrnice	12	2	4	5	15:36	10
9. Kostelany	12	2	1	9	19:37	7
10. Břestek	12	1	2	8	10:57	5
SKUPINA B: Popovice - Ostr. Lhota 1:8 (0:6), 57. Koleckář - 2., 24., 25., 66. Pešek, 4. Krátký, 37. Štergenich, 38., 90. Horák. Boršice u Bl. - Mistřice 7:3 (5:2), 10., 28. Havlík, 23., 34., 86. Doležal, 44. Kusenda, 85. Abrhám - 14. Vrták, 25. Fojtík, 56. Špičák. Hluk B - Uh. Ostroh B 2:0 (1:0), 45. Chytil (pen.), 90. Machů. Dolní Němčí B - Částkov 1:1 (1:1), 30. Krchňáček - 21. Šenk (pen.). Hradčovice - Horní Němčí 0:3 (0:1), 27. Zámečník, 79. Chlumský, 85. Bahula.
1. Hluk B	12	8	1	3	38:20	28
2. Ostr. Lhota	11	8	1	2	44:19	25
3. Částkov	12	5	3	4	27:30	18
4. Boršice u Bl.	12	5	2	5	36:31	17
5. Mistřice	11	4	2	5	35:30	14
6. Popovice	11	4	2	5	25:32	13
7. Horní Němčí	11	4	1	6	18:29	13
8. Hradčovice	11	3	3	5	18:27	12
9. Dolní Němčí B	11	2	5	4	18:29	11
10. Uh. Ostroh B	11	2	3	6	18:36	9
VSETÍN III. TŘÍDA
Jarcová - Halenkov B 5:2 (1:1), 29., 78. Bartošák, 48., 80., 90. Žilinský - 4. Korabík, 77. Ondryáš. Police - Kladeruby 2:4 (0:3), 49. Fidermák (pen.), 56. Majštinik - 2., 19. Škařupa, 36. Foukal, 79. Pitrun. Bynina - Leskovec 0:2 (0:0), 50., 60. Laža. Střelná - Lačnov 2:1 p. (0:0), 60. Makyna - 50. Brhel. Loučka - Choryně B 1:5 (1:3), 12. Valaska - 9., 11. Vedral, 18. Závada, 40. Orava, 59. Hadvičák. Val. Polanka B (Lužná) - Janová 4:2 (1:2), 2., 70., 73. Filgas, 77. Mikel - 43., 89. Helis.
1. Val. Polanka B (Lužná)	12	9	0	3	29:8	24
2. Loučka	12	9	0	2	31:11	22
3. Choryně B	12	6	0	3	26:15	18
4. Střelná	11	6	1	3	28:28	15
5. Leskovec	11	6	0	3	23:18	13
6. Lačnov	11	4	0	5	25:15	10
7. Jarcová	12	4	0	5	27:21	12
8. Police	12	4	0	5	23:23	11
9. Bynina	12	4	0	5	21:23	12
10. Janová	11	3	0	7	19:33	8
11. Halenkov B	11	2	0	8	10:46	5
12. Kladeruby	11	2	0	9	22:46	5
VSETÍN IV. TŘÍDA
Velká Lhota - Huslenky B (Zděchov) 5:0 (2:0), 9. Dořičák (pen.), 39., 50., 63. Míčkal, 84. Zeman. Semetín/Ratiboř B - Mikulůvka 2:1 (2:1), 10. Berndt (pen.), 34. Holba - 39. Bartošák. Růžďka - Lhotka 0:6 (0:3), 25., 73. Hadaš, 32. Burda, 39. Petřek, 49. Jasný, 82. Šebesta.
1. Lhotka	10	9	0	1	51:17	27
2. Růžďka	10	7	0	3	29:22	20
3. Velká Lhota	10	6	0	4	39:22	18
4. Semetín/Ratiboř B	10	5	0	5	22:26	15
5. Rožnov B	10	5	0	5	31:27	14
6. Huslenky B (Zděchov)	10	4	0	6	14:34	9
7. Mikulůvka	10	4	0	6	16:43	12
8. Zašová B	10	1	0	9	10:48	6
U SOUTĚŽÍ, KDE O VÍTĚZI MUSÍ ROZHODNOUT PENALTOVÝ ROZSTŘEL, JE JEHO BILANCE PRÁVĚ UVEDENA NA KONCI ŘÁDKU ZA POČTEM BODŮ TÝMU. Postupně v tabulce tedy naleznete: pořadí, název týmu, počet odehraných utkání, počet vítězství, počet remíz, počet porážek, skóre, počet bodů, počet vyhraných penaltových rozstřelů, počet prohraných penaltových rozstřelů.
